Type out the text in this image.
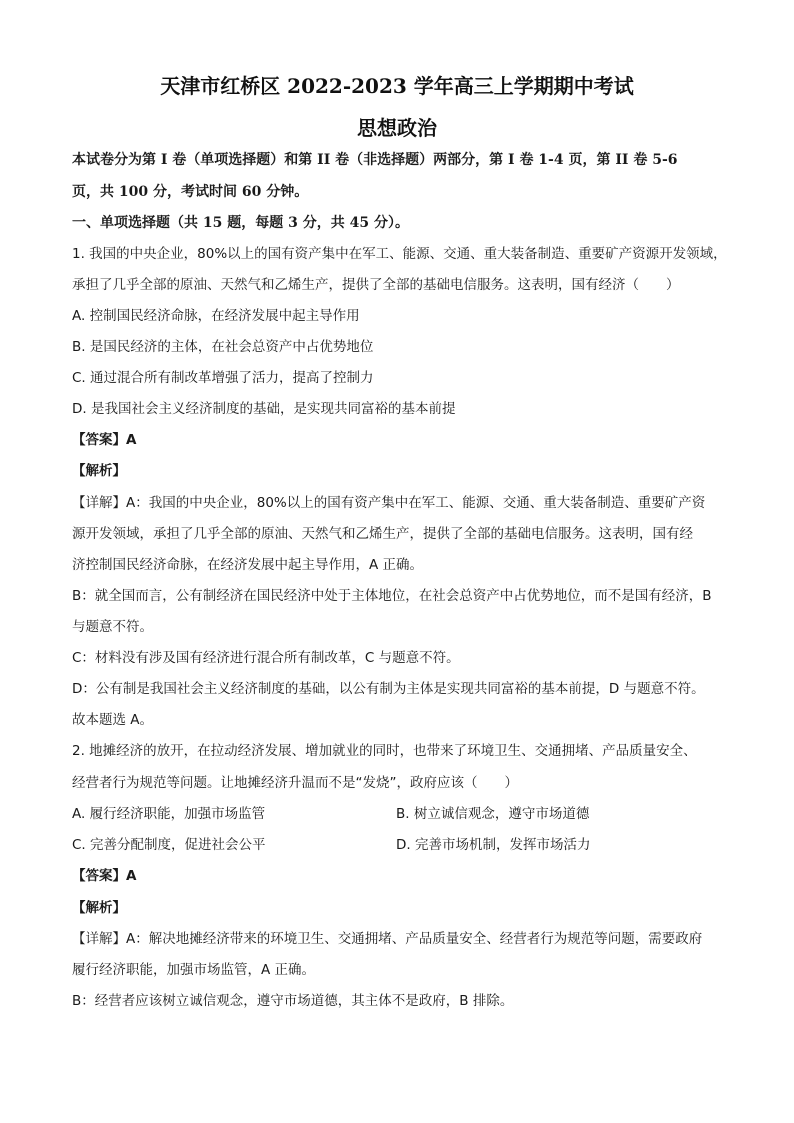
天津市红桥区 2022-2023 学年高三上学期期中考试
思想政治
本试卷分为第 I 卷（单项选择题）和第 II 卷（非选择题）两部分，第 I 卷 1-4 页，第 II 卷 5-6
页，共 100 分，考试时间 60 分钟。
一、单项选择题（共 15 题，每题 3 分，共 45 分）。
1. 我国的中央企业，80%以上的国有资产集中在军工、能源、交通、重大装备制造、重要矿产资源开发领域，
承担了几乎全部的原油、天然气和乙烯生产，提供了全部的基础电信服务。这表明，国有经济（　　）
A. 控制国民经济命脉，在经济发展中起主导作用
B. 是国民经济的主体，在社会总资产中占优势地位
C. 通过混合所有制改革增强了活力，提高了控制力
D. 是我国社会主义经济制度的基础，是实现共同富裕的基本前提
【答案】A
【解析】
【详解】A：我国的中央企业，80%以上的国有资产集中在军工、能源、交通、重大装备制造、重要矿产资
源开发领域，承担了几乎全部的原油、天然气和乙烯生产，提供了全部的基础电信服务。这表明，国有经
济控制国民经济命脉，在经济发展中起主导作用，A 正确。
B：就全国而言，公有制经济在国民经济中处于主体地位，在社会总资产中占优势地位，而不是国有经济，B
与题意不符。
C：材料没有涉及国有经济进行混合所有制改革，C 与题意不符。
D：公有制是我国社会主义经济制度的基础，以公有制为主体是实现共同富裕的基本前提，D 与题意不符。
故本题选 A。
2. 地摊经济的放开，在拉动经济发展、增加就业的同时，也带来了环境卫生、交通拥堵、产品质量安全、
经营者行为规范等问题。让地摊经济升温而不是“发烧”，政府应该（　　）
A. 履行经济职能，加强市场监管	B. 树立诚信观念，遵守市场道德
C. 完善分配制度，促进社会公平	D. 完善市场机制，发挥市场活力
【答案】A
【解析】
【详解】A：解决地摊经济带来的环境卫生、交通拥堵、产品质量安全、经营者行为规范等问题，需要政府
履行经济职能，加强市场监管，A 正确。
B：经营者应该树立诚信观念，遵守市场道德，其主体不是政府，B 排除。
